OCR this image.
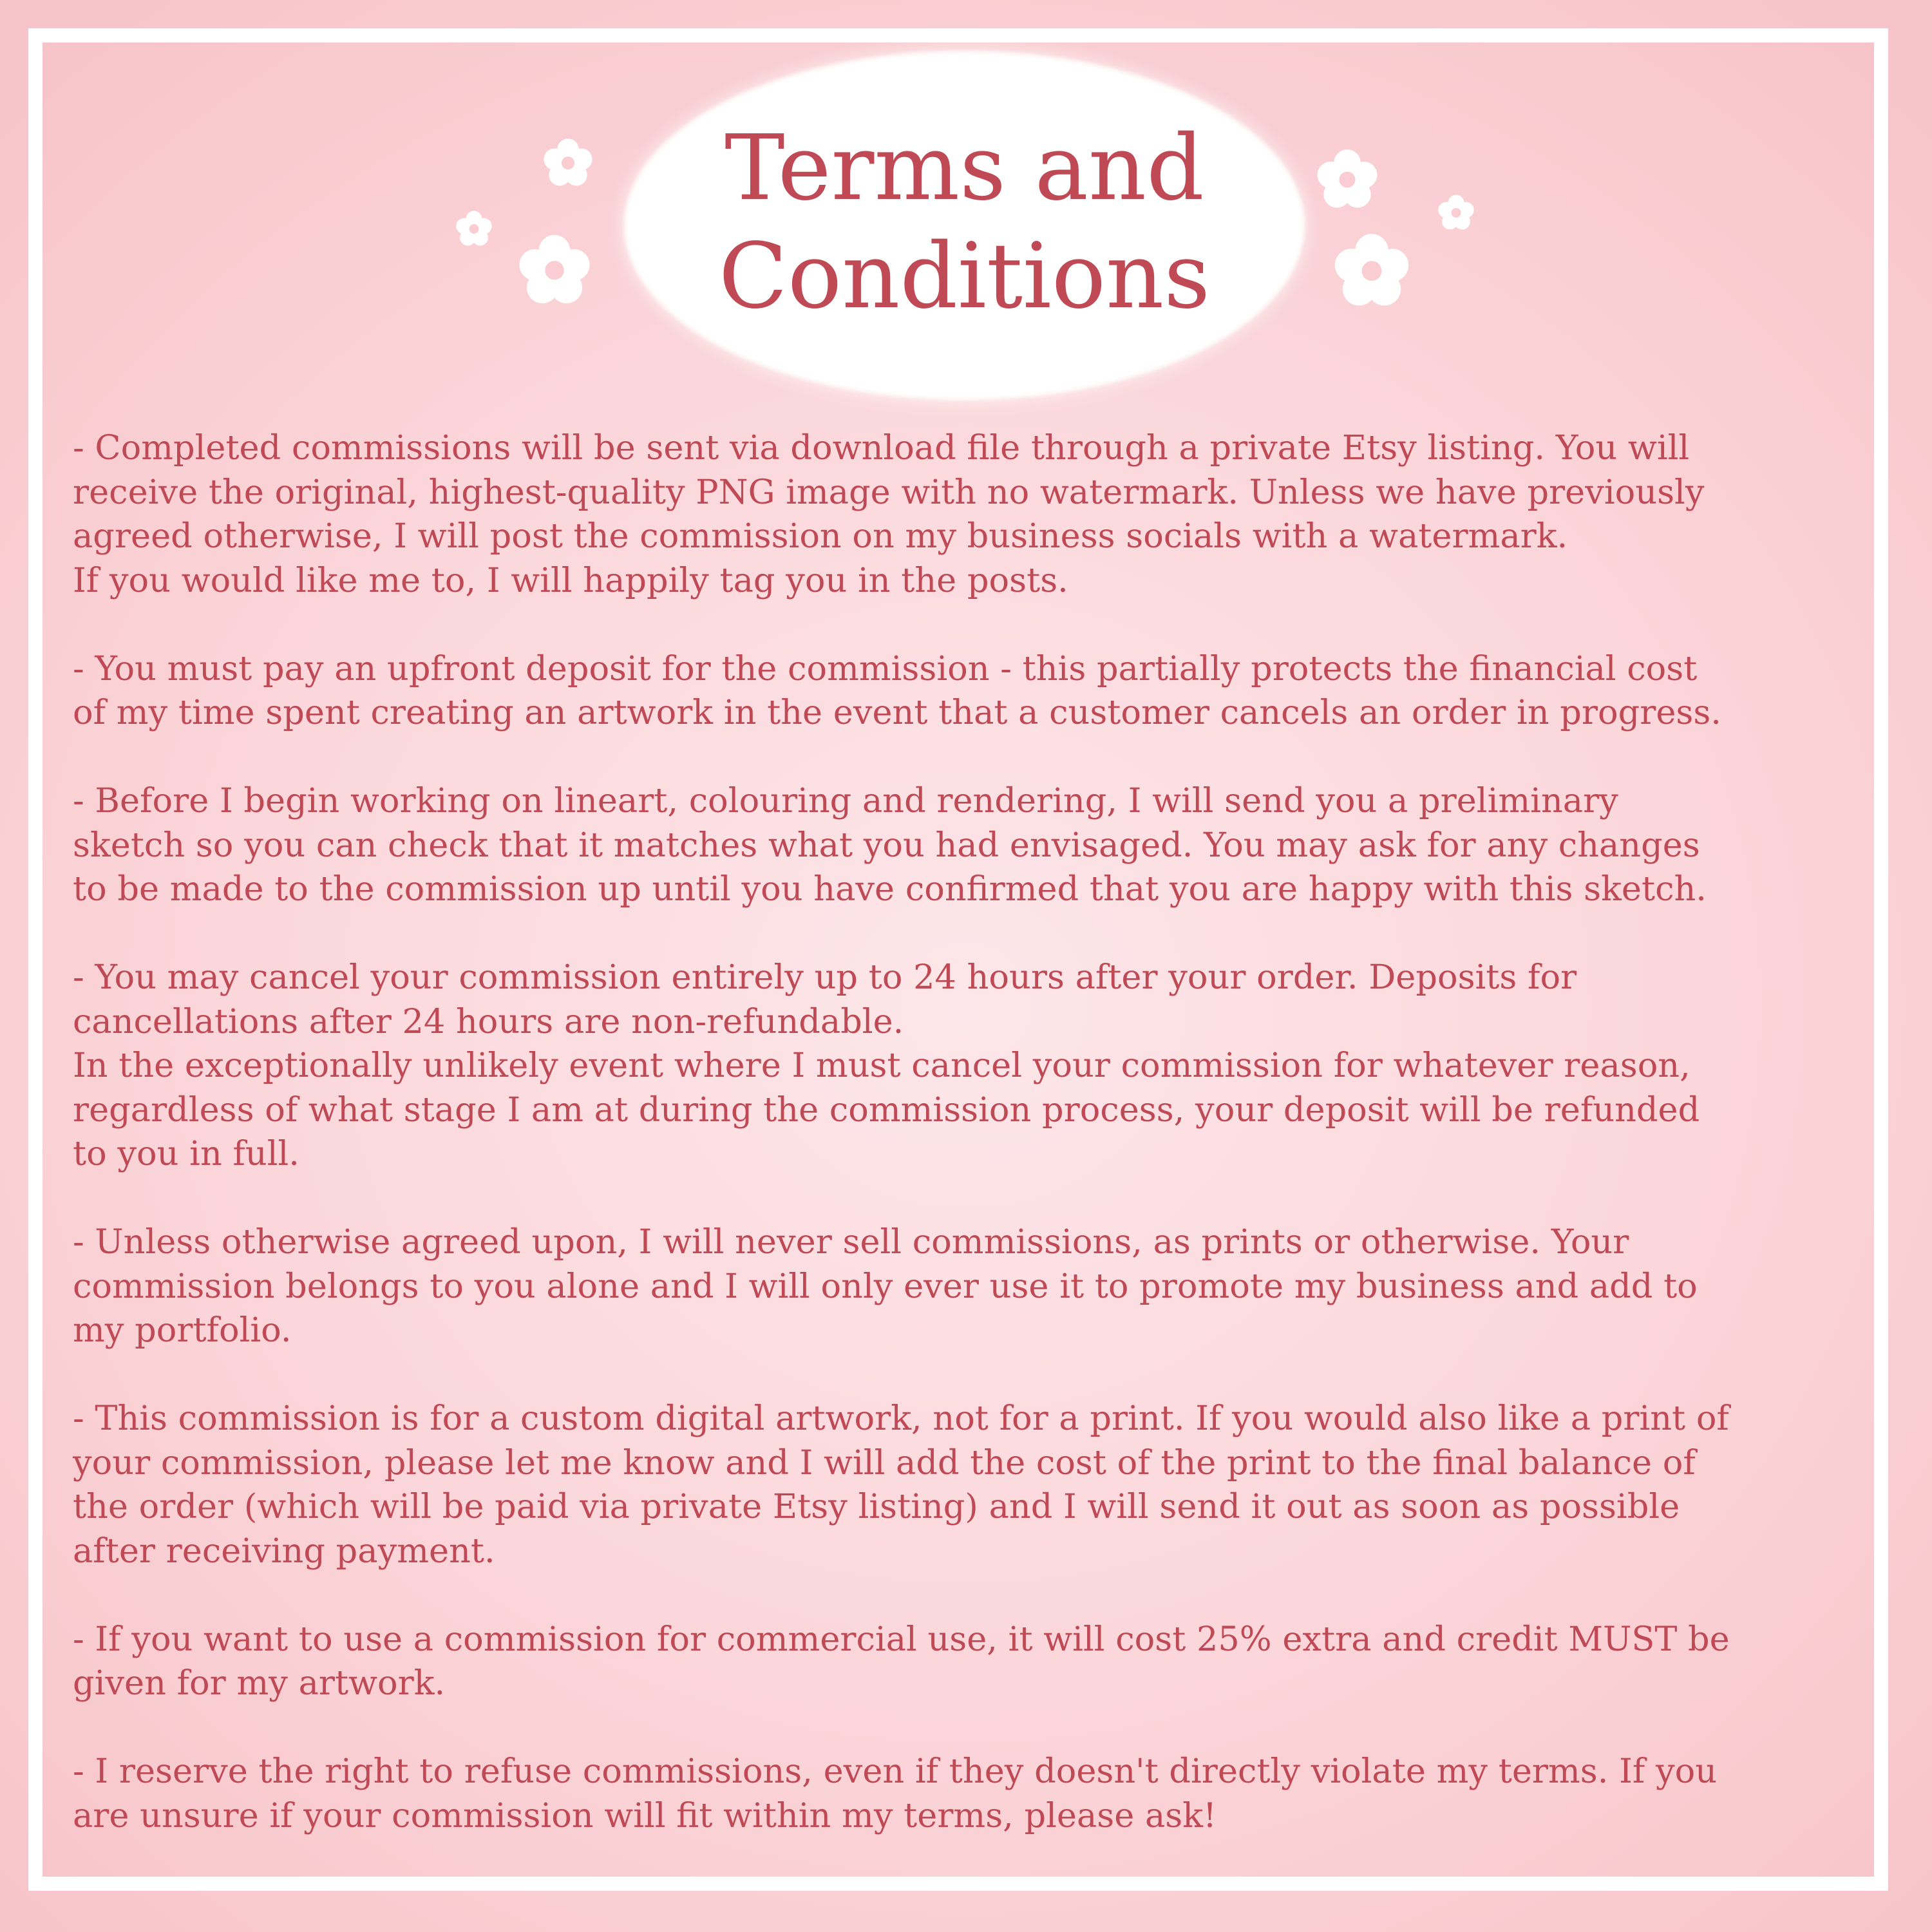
Terms and
Conditions

- Completed commissions will be sent via download file through a private Etsy listing. You will
receive the original, highest-quality PNG image with no watermark. Unless we have previously
agreed otherwise, I will post the commission on my business socials with a watermark.
If you would like me to, I will happily tag you in the posts.

- You must pay an upfront deposit for the commission - this partially protects the financial cost
of my time spent creating an artwork in the event that a customer cancels an order in progress.

- Before I begin working on lineart, colouring and rendering, I will send you a preliminary
sketch so you can check that it matches what you had envisaged. You may ask for any changes
to be made to the commission up until you have confirmed that you are happy with this sketch.

- You may cancel your commission entirely up to 24 hours after your order. Deposits for
cancellations after 24 hours are non-refundable.
In the exceptionally unlikely event where I must cancel your commission for whatever reason,
regardless of what stage I am at during the commission process, your deposit will be refunded
to you in full.

- Unless otherwise agreed upon, I will never sell commissions, as prints or otherwise. Your
commission belongs to you alone and I will only ever use it to promote my business and add to
my portfolio.

- This commission is for a custom digital artwork, not for a print. If you would also like a print of
your commission, please let me know and I will add the cost of the print to the final balance of
the order (which will be paid via private Etsy listing) and I will send it out as soon as possible
after receiving payment.

- If you want to use a commission for commercial use, it will cost 25% extra and credit MUST be
given for my artwork.

- I reserve the right to refuse commissions, even if they doesn't directly violate my terms. If you
are unsure if your commission will fit within my terms, please ask!
